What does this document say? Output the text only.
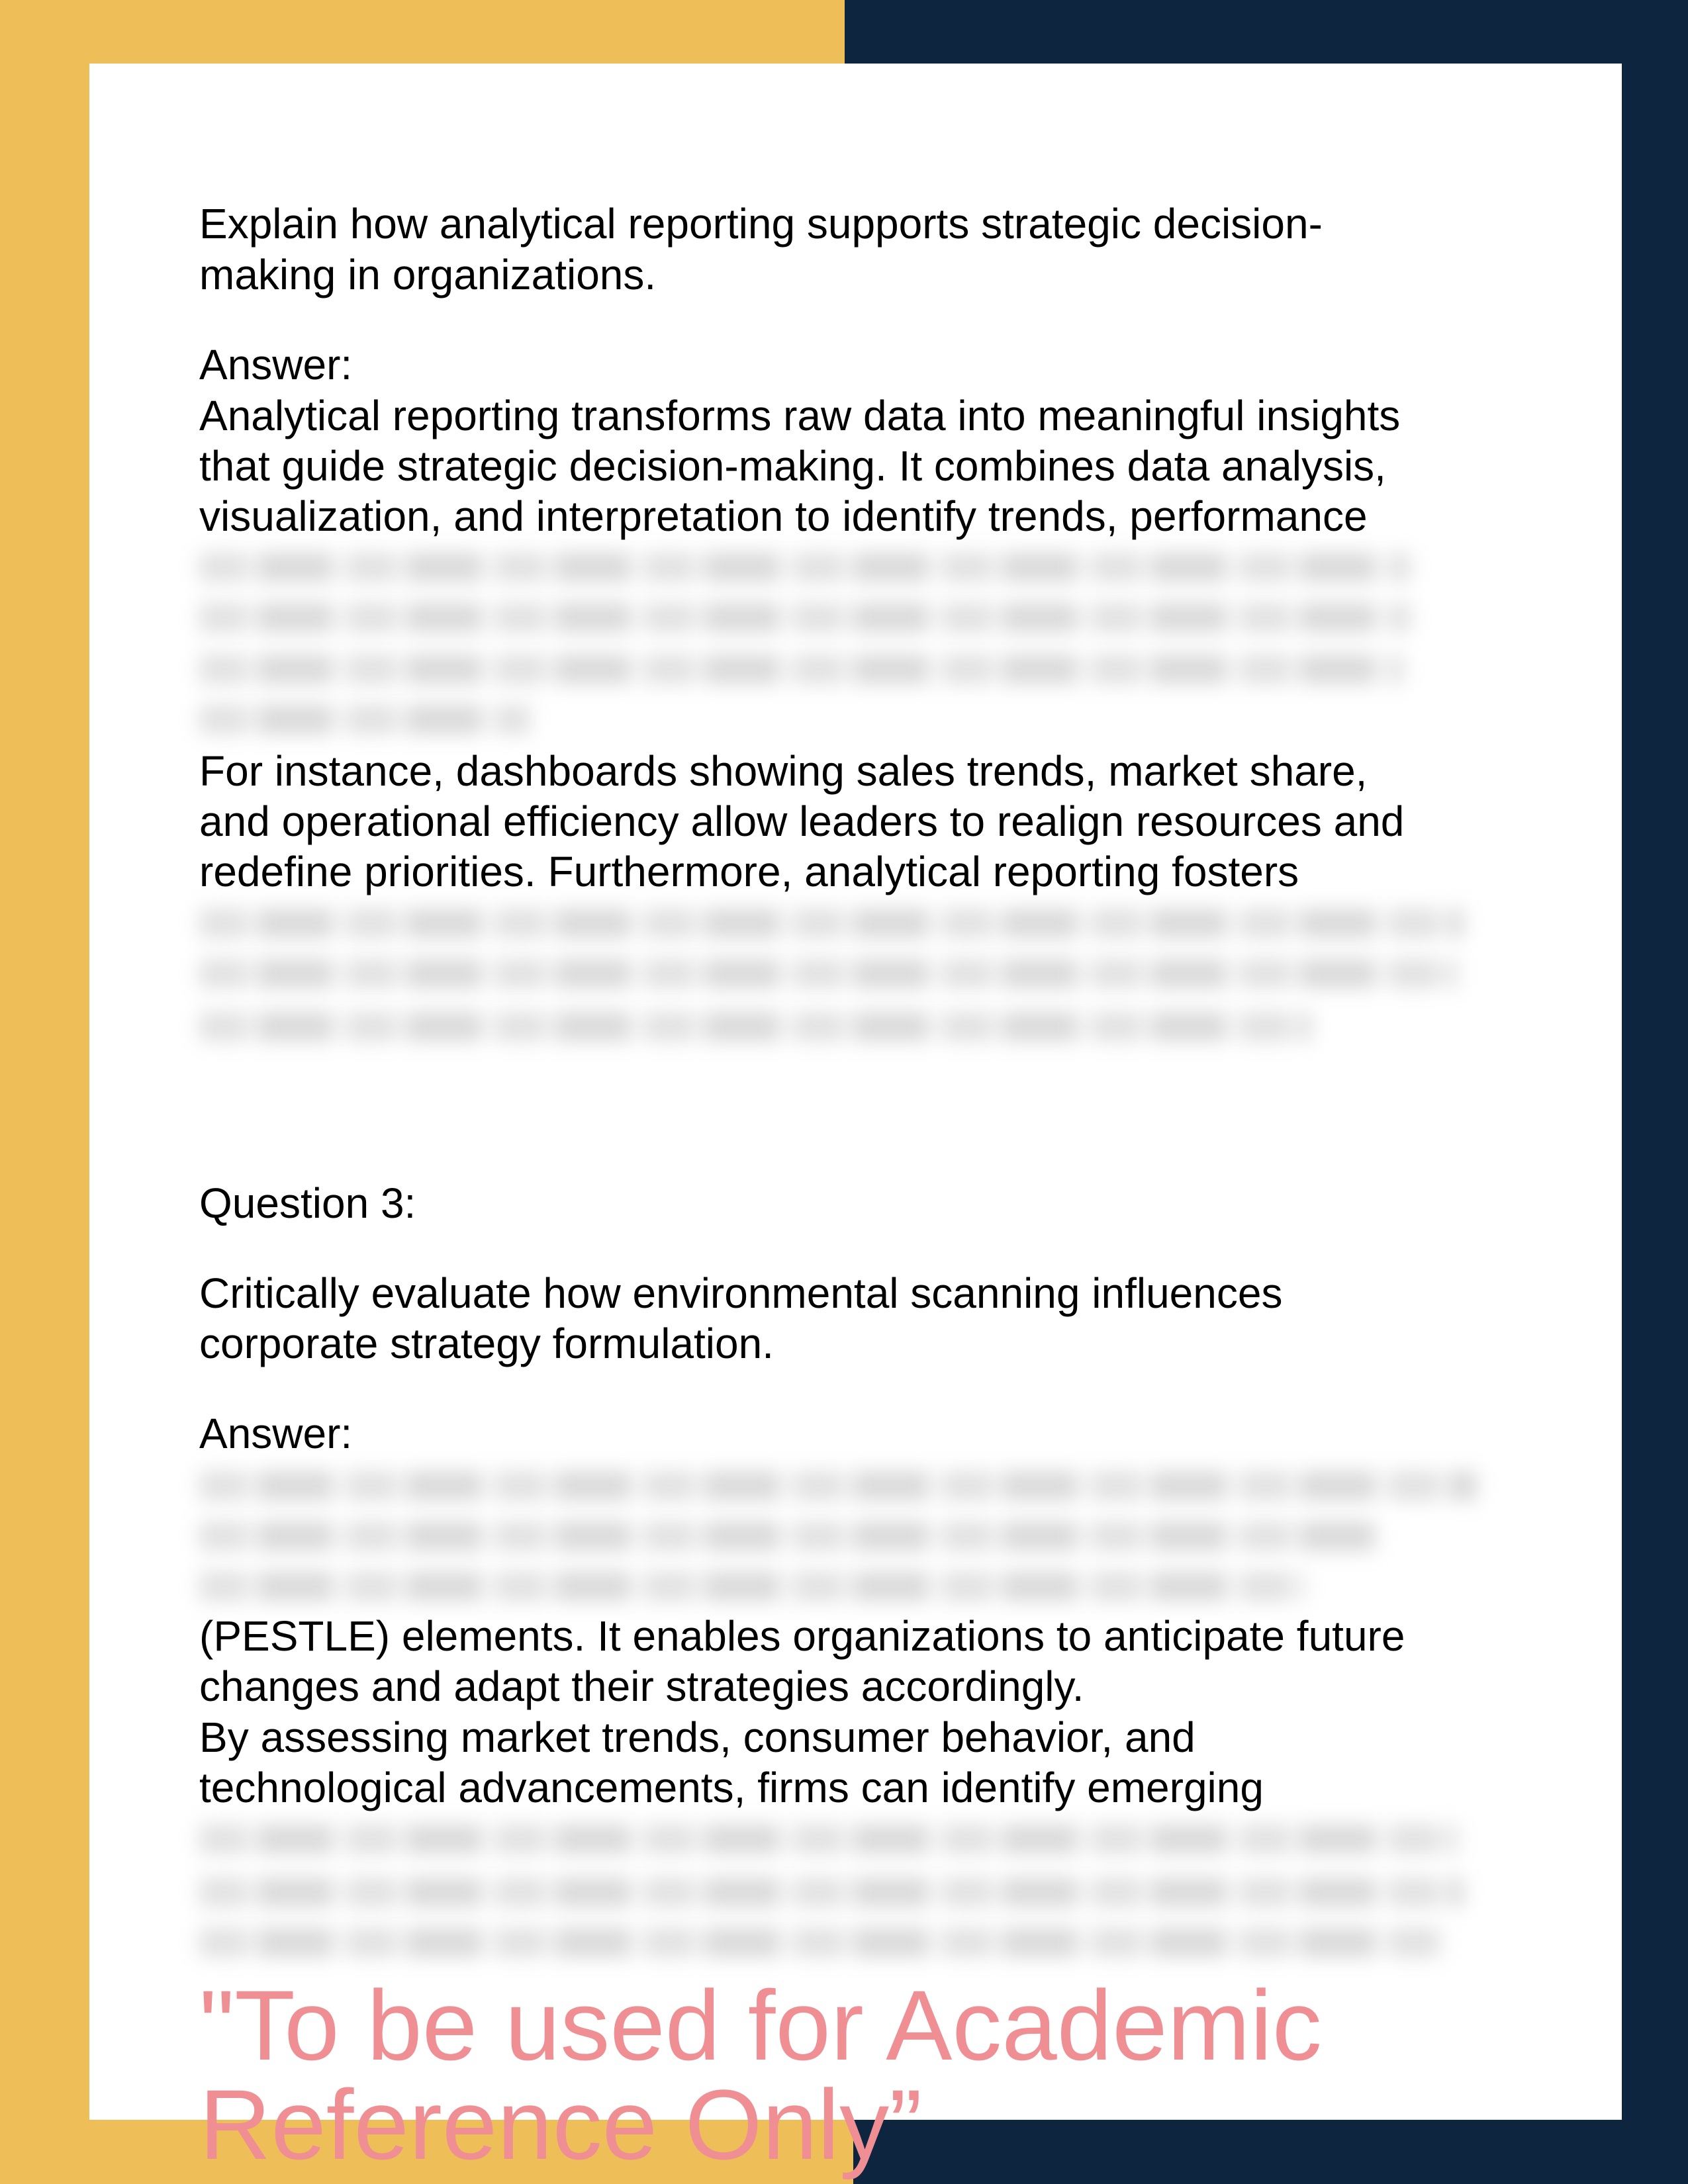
Explain how analytical reporting supports strategic decision-
making in organizations.
Answer:
Analytical reporting transforms raw data into meaningful insights
that guide strategic decision-making. It combines data analysis,
visualization, and interpretation to identify trends, performance
For instance, dashboards showing sales trends, market share,
and operational efficiency allow leaders to realign resources and
redefine priorities. Furthermore, analytical reporting fosters
Question 3:
Critically evaluate how environmental scanning influences
corporate strategy formulation.
Answer:
(PESTLE) elements. It enables organizations to anticipate future
changes and adapt their strategies accordingly.
By assessing market trends, consumer behavior, and
technological advancements, firms can identify emerging
"To be used for Academic Reference Only”
